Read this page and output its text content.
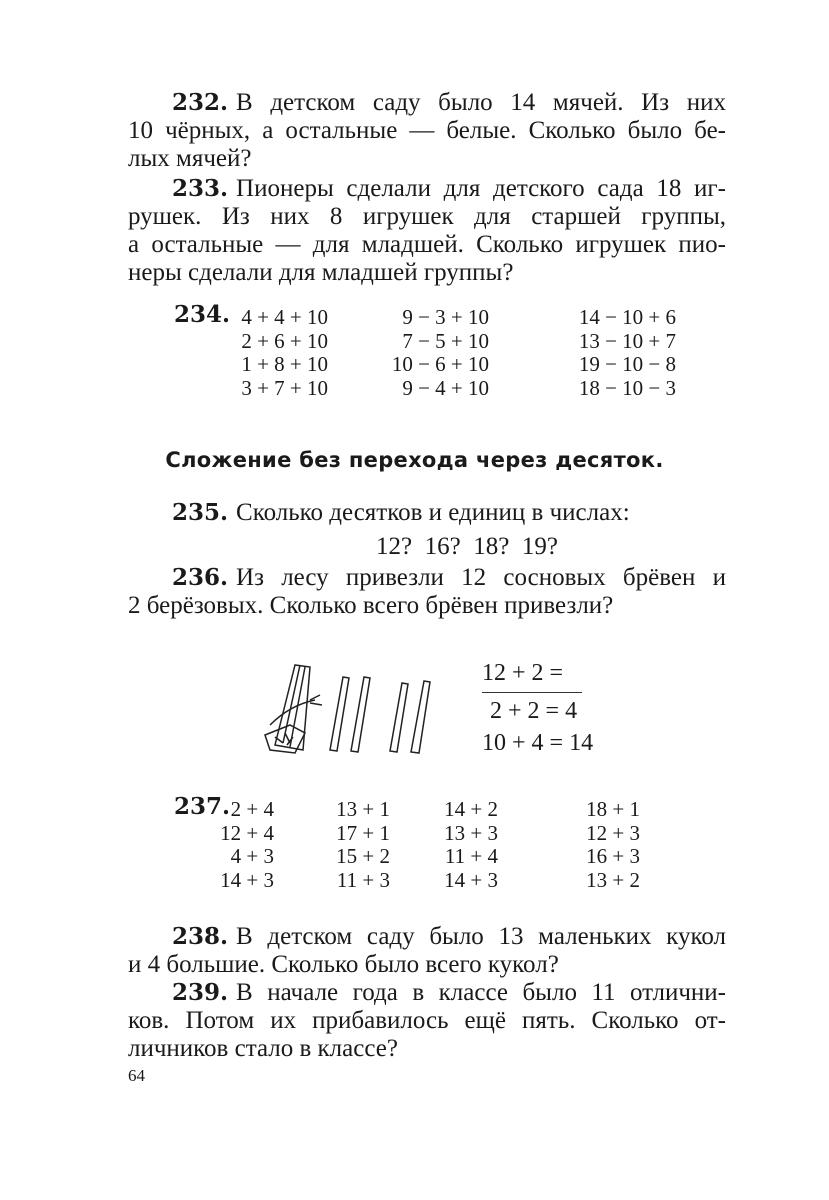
232. В детском саду было 14 мячей. Из них
10 чёрных, а остальные — белые. Сколько было бе-
лых мячей?
233. Пионеры сделали для детского сада 18 иг-
рушек. Из них 8 игрушек для старшей группы,
а остальные — для младшей. Сколько игрушек пио-
неры сделали для младшей группы?
234. 4 + 4 + 10
2 + 6 + 10
1 + 8 + 10
3 + 7 + 10
9 − 3 + 10
7 − 5 + 10
10 − 6 + 10
9 − 4 + 10
14 − 10 + 6
13 − 10 + 7
19 − 10 − 8
18 − 10 − 3
Сложение без перехода через десяток.
235. Сколько десятков и единиц в числах:
12?  16?  18?  19?
236. Из лесу привезли 12 сосновых брёвен и
2 берёзовых. Сколько всего брёвен привезли?
12 + 2 =
2 + 2 = 4
10 + 4 = 14
237. 2 + 4
12 + 4
4 + 3
14 + 3
13 + 1
17 + 1
15 + 2
11 + 3
14 + 2
13 + 3
11 + 4
14 + 3
18 + 1
12 + 3
16 + 3
13 + 2
238. В детском саду было 13 маленьких кукол
и 4 большие. Сколько было всего кукол?
239. В начале года в классе было 11 отлични-
ков. Потом их прибавилось ещё пять. Сколько от-
личников стало в классе?
64
